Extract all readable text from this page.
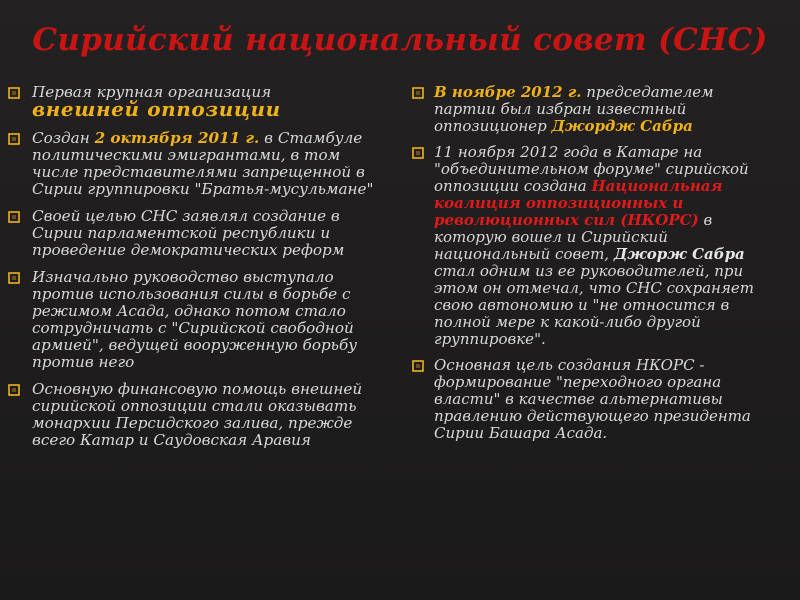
Сирийский национальный совет (СНС)
Первая крупная организация
внешней оппозиции
Создан 2 октября 2011 г. в Стамбуле политическими эмигрантами, в том числе представителями запрещенной в Сирии группировки "Братья-мусульмане"
Своей целью СНС заявлял создание в Сирии парламентской республики и проведение демократических реформ
Изначально руководство выступало против использования силы в борьбе с режимом Асада, однако потом стало сотрудничать с "Сирийской свободной армией", ведущей вооруженную борьбу против него
Основную финансовую помощь внешней сирийской оппозиции стали оказывать монархии Персидского залива, прежде всего Катар и Саудовская Аравия
В ноябре 2012 г. председателем партии был избран известный оппозиционер Джордж Сабра
11 ноября 2012 года в Катаре на "объединительном форуме" сирийской оппозиции создана Национальная коалиция оппозиционных и революционных сил (НКОРС) в которую вошел и Сирийский национальный совет, Джорж Сабра стал одним из ее руководителей, при этом он отмечал, что СНС сохраняет свою автономию и "не относится в полной мере к какой-либо другой группировке".
Основная цель создания НКОРС - формирование "переходного органа власти" в качестве альтернативы правлению действующего президента Сирии Башара Асада.
